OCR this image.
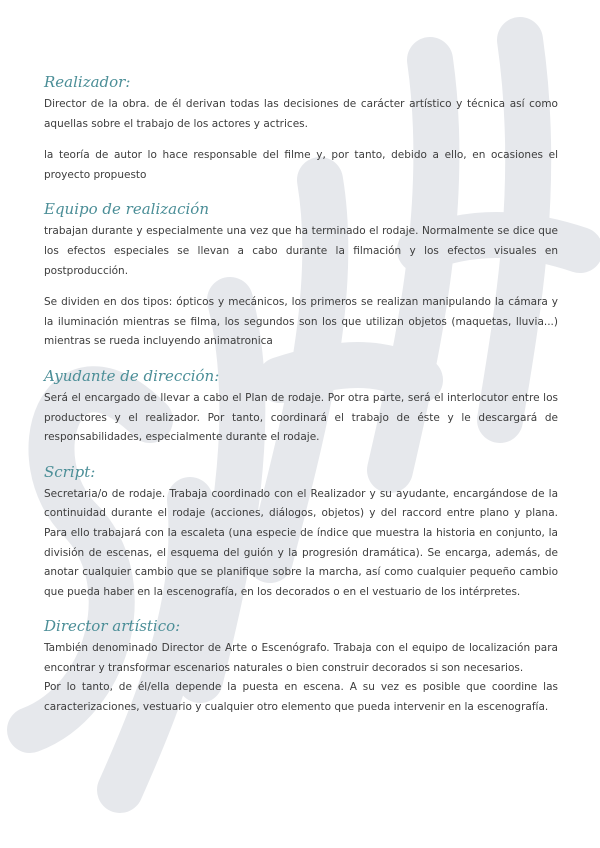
Realizador:

Director de la obra. de él derivan todas las decisiones de carácter artístico y técnica así como aquellas sobre el trabajo de los actores y actrices.

la teoría de autor lo hace responsable del filme y, por tanto, debido a ello, en ocasiones el proyecto propuesto

Equipo de realización

trabajan durante y especialmente una vez que ha terminado el rodaje. Normalmente se dice que los efectos especiales se llevan a cabo durante la filmación y los efectos visuales en postproducción.

Se dividen en dos tipos: ópticos y mecánicos, los primeros se realizan manipulando la cámara y la iluminación mientras se filma, los segundos son los que utilizan objetos (maquetas, lluvia...) mientras se rueda incluyendo animatronica

Ayudante de dirección:

Será el encargado de llevar a cabo el Plan de rodaje. Por otra parte, será el interlocutor entre los productores y el realizador. Por tanto, coordinará el trabajo de éste y le descargará de responsabilidades, especialmente durante el rodaje.

Script:

Secretaria/o de rodaje. Trabaja coordinado con el Realizador y su ayudante, encargándose de la continuidad durante el rodaje (acciones, diálogos, objetos) y del raccord entre plano y plana. Para ello trabajará con la escaleta (una especie de índice que muestra la historia en conjunto, la división de escenas, el esquema del guión y la progresión dramática). Se encarga, además, de anotar cualquier cambio que se planifique sobre la marcha, así como cualquier pequeño cambio que pueda haber en la escenografía, en los decorados o en el vestuario de los intérpretes.

Director artístico:

También denominado Director de Arte o Escenógrafo. Trabaja con el equipo de localización para encontrar y transformar escenarios naturales o bien construir decorados si son necesarios.

Por lo tanto, de él/ella depende la puesta en escena. A su vez es posible que coordine las caracterizaciones, vestuario y cualquier otro elemento que pueda intervenir en la escenografía.
